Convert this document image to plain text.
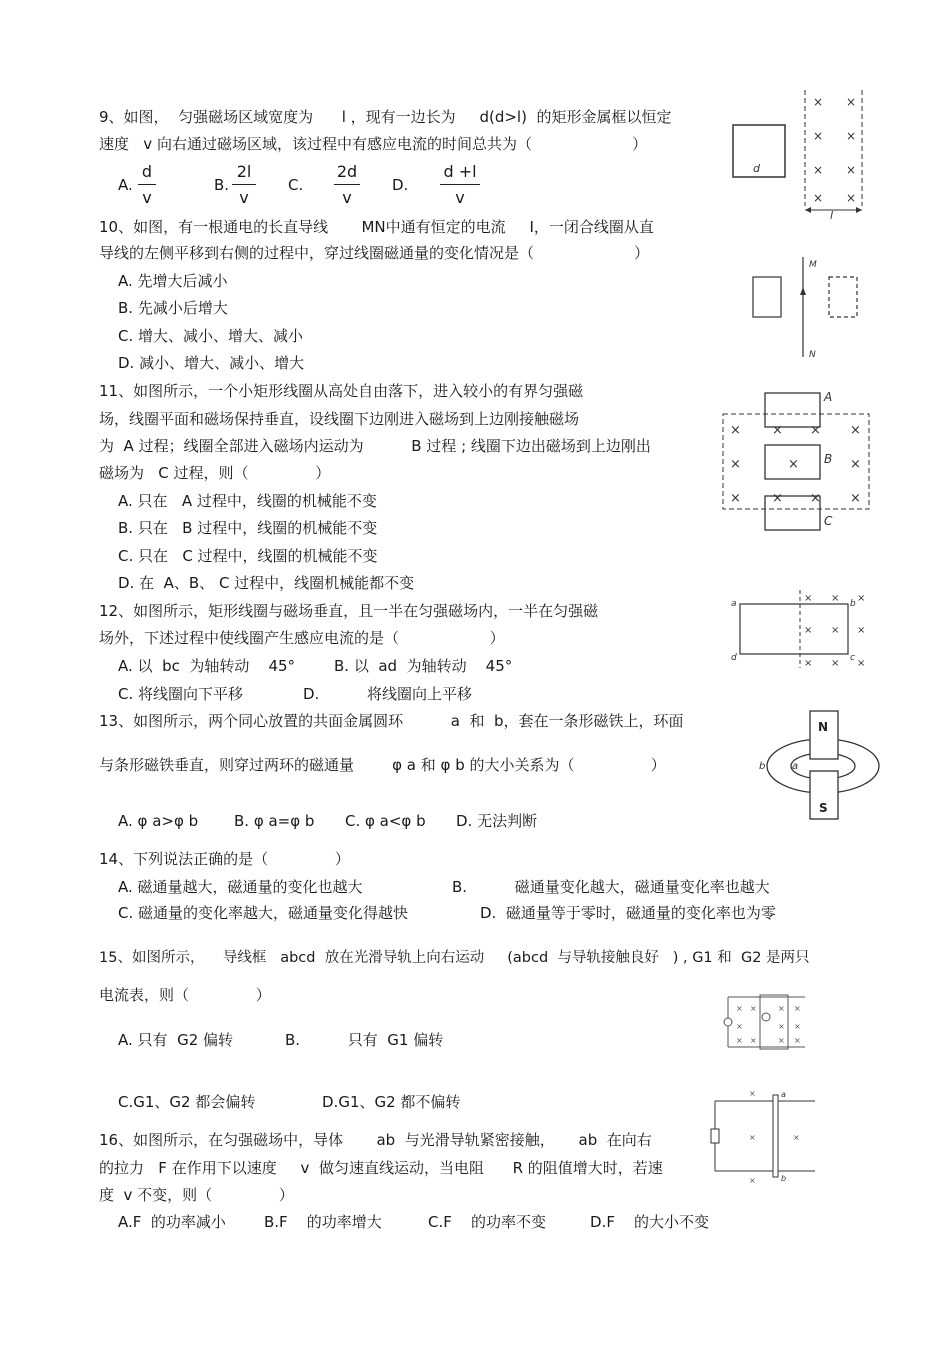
9、如图，  匀强磁场区域宽度为      l ，现有一边长为     d(d>l)  的矩形金属框以恒定
速度   v 向右通过磁场区域，该过程中有感应电流的时间总共为（                     ）
A.
d
v
B.
2l
v
C.
2d
v
D.
d +l
v
d
× ×
× ×
× ×
× ×
l
10、如图，有一根通电的长直导线       MN中通有恒定的电流     I，一闭合线圈从直
导线的左侧平移到右侧的过程中，穿过线圈磁通量的变化情况是（                     ）
A. 先增大后减小
B. 先减小后增大
C. 增大、减小、增大、减小
D. 减小、增大、减小、增大
M
N
11、如图所示，一个小矩形线圈从高处自由落下，进入较小的有界匀强磁
场，线圈平面和磁场保持垂直，设线圈下边刚进入磁场到上边刚接触磁场
为  A 过程；线圈全部进入磁场内运动为          B 过程 ; 线圈下边出磁场到上边刚出
磁场为   C 过程，则（              ）
A. 只在   A 过程中，线圈的机械能不变
B. 只在   B 过程中，线圈的机械能不变
C. 只在   C 过程中，线圈的机械能不变
D. 在  A、B、 C 过程中，线圈机械能都不变
A
B
C
× × × ×
×	×	×
× × × ×
12、如图所示，矩形线圈与磁场垂直，且一半在匀强磁场内，一半在匀强磁
场外，下述过程中使线圈产生感应电流的是（                   ）
A. 以  bc  为轴转动    45°	B. 以  ad  为轴转动    45°
C. 将线圈向下平移	D.          将线圈向上平移
a	b
c
d
× × ×
× × ×
× × ×
13、如图所示，两个同心放置的共面金属圆环          a  和  b，套在一条形磁铁上，环面
与条形磁铁垂直，则穿过两环的磁通量        φ a 和 φ b 的大小关系为（                ）
A. φ a>φ b B. φ a=φ b C. φ a<φ b D. 无法判断
N
S
a
b
14、下列说法正确的是（              ）
A. 磁通量越大，磁通量的变化也越大	B.          磁通量变化越大，磁通量变化率也越大
C. 磁通量的变化率越大，磁通量变化得越快	D.  磁通量等于零时，磁通量的变化率也为零
15、如图所示，    导线框   abcd  放在光滑导轨上向右运动     (abcd  与导轨接触良好   ) , G1 和  G2 是两只
电流表，则（              ）
A. 只有  G2 偏转	B.          只有  G1 偏转
C.G1、G2 都会偏转	D.G1、G2 都不偏转
× ×	× ×
×	× ×
× ×	× ×
16、如图所示，在匀强磁场中，导体       ab  与光滑导轨紧密接触，     ab  在向右
的拉力   F 在作用下以速度     v  做匀速直线运动，当电阻      R 的阻值增大时，若速
度  v 不变，则（              ）
A.F  的功率减小	B.F    的功率增大	C.F    的功率不变	D.F    的大小不变
a
b
×
×	×
×
